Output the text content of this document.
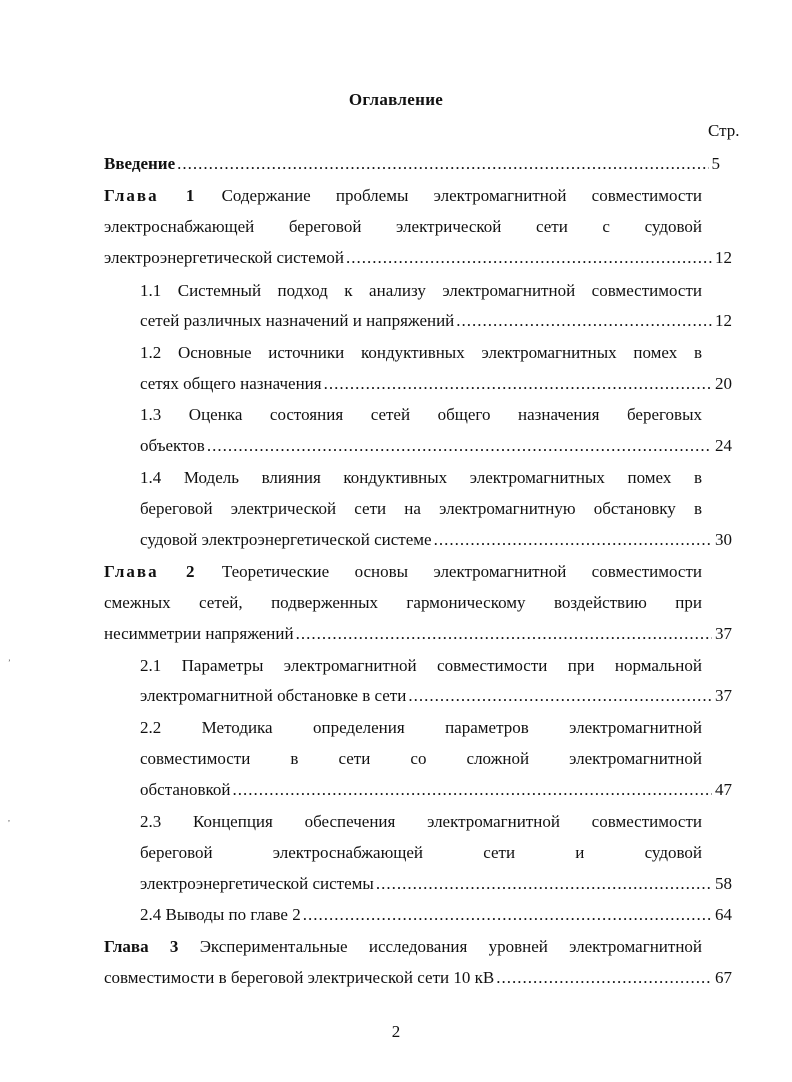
Оглавление
Стр.
Введение .....	5
Глава 1 Содержание проблемы электромагнитной совместимости
электроснабжающей береговой электрической сети с судовой
электроэнергетической системой .....	12
1.1 Системный подход к анализу электромагнитной совместимости
сетей различных назначений и напряжений .....	12
1.2 Основные источники кондуктивных электромагнитных помех в
сетях общего назначения .....	20
1.3 Оценка состояния сетей общего назначения береговых
объектов .....	24
1.4 Модель влияния кондуктивных электромагнитных помех в
береговой электрической сети на электромагнитную обстановку в
судовой электроэнергетической системе .....	30
Глава 2 Теоретические основы электромагнитной совместимости
смежных сетей, подверженных гармоническому воздействию при
несимметрии напряжений .....	37
2.1 Параметры электромагнитной совместимости при нормальной
электромагнитной обстановке в сети .....	37
2.2 Методика определения параметров электромагнитной
совместимости в сети со сложной электромагнитной
обстановкой .....	47
2.3 Концепция обеспечения электромагнитной совместимости
береговой электроснабжающей сети и судовой
электроэнергетической системы .....	58
2.4 Выводы по главе 2 .....	64
Глава 3 Экспериментальные исследования уровней электромагнитной
совместимости в береговой электрической сети 10 кВ .....	67
’
,
2
